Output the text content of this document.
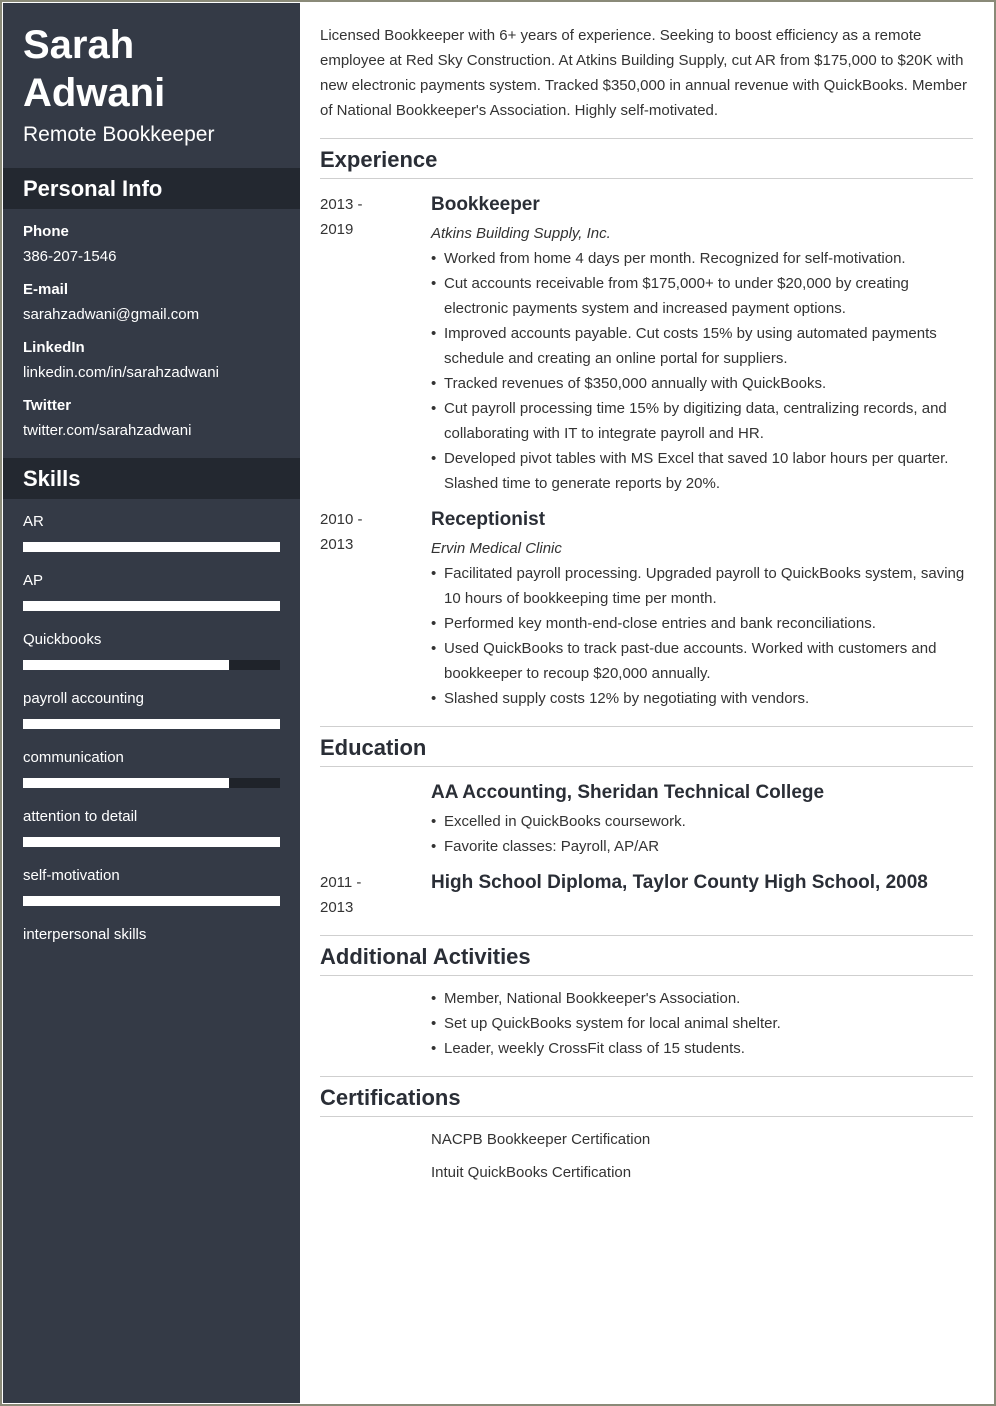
Sarah
Adwani
Remote Bookkeeper
Personal Info
Phone
386-207-1546
E-mail
sarahzadwani@gmail.com
LinkedIn
linkedin.com/in/sarahzadwani
Twitter
twitter.com/sarahzadwani
Skills
AR
AP
Quickbooks
payroll accounting
communication
attention to detail
self-motivation
interpersonal skills
Licensed Bookkeeper with 6+ years of experience. Seeking to boost efficiency as a remote employee at Red Sky Construction. At Atkins Building Supply, cut AR from $175,000 to $20K with new electronic payments system. Tracked $350,000 in annual revenue with QuickBooks. Member of National Bookkeeper's Association. Highly self-motivated.
Experience
2013 -
2019
Bookkeeper
Atkins Building Supply, Inc.
• Worked from home 4 days per month. Recognized for self-motivation.
• Cut accounts receivable from $175,000+ to under $20,000 by creating electronic payments system and increased payment options.
• Improved accounts payable. Cut costs 15% by using automated payments schedule and creating an online portal for suppliers.
• Tracked revenues of $350,000 annually with QuickBooks.
• Cut payroll processing time 15% by digitizing data, centralizing records, and collaborating with IT to integrate payroll and HR.
• Developed pivot tables with MS Excel that saved 10 labor hours per quarter. Slashed time to generate reports by 20%.
2010 -
2013
Receptionist
Ervin Medical Clinic
• Facilitated payroll processing. Upgraded payroll to QuickBooks system, saving 10 hours of bookkeeping time per month.
• Performed key month-end-close entries and bank reconciliations.
• Used QuickBooks to track past-due accounts. Worked with customers and bookkeeper to recoup $20,000 annually.
• Slashed supply costs 12% by negotiating with vendors.
Education
AA Accounting, Sheridan Technical College
• Excelled in QuickBooks coursework.
• Favorite classes: Payroll, AP/AR
2011 -
2013
High School Diploma, Taylor County High School, 2008
Additional Activities
• Member, National Bookkeeper's Association.
• Set up QuickBooks system for local animal shelter.
• Leader, weekly CrossFit class of 15 students.
Certifications
NACPB Bookkeeper Certification
Intuit QuickBooks Certification
